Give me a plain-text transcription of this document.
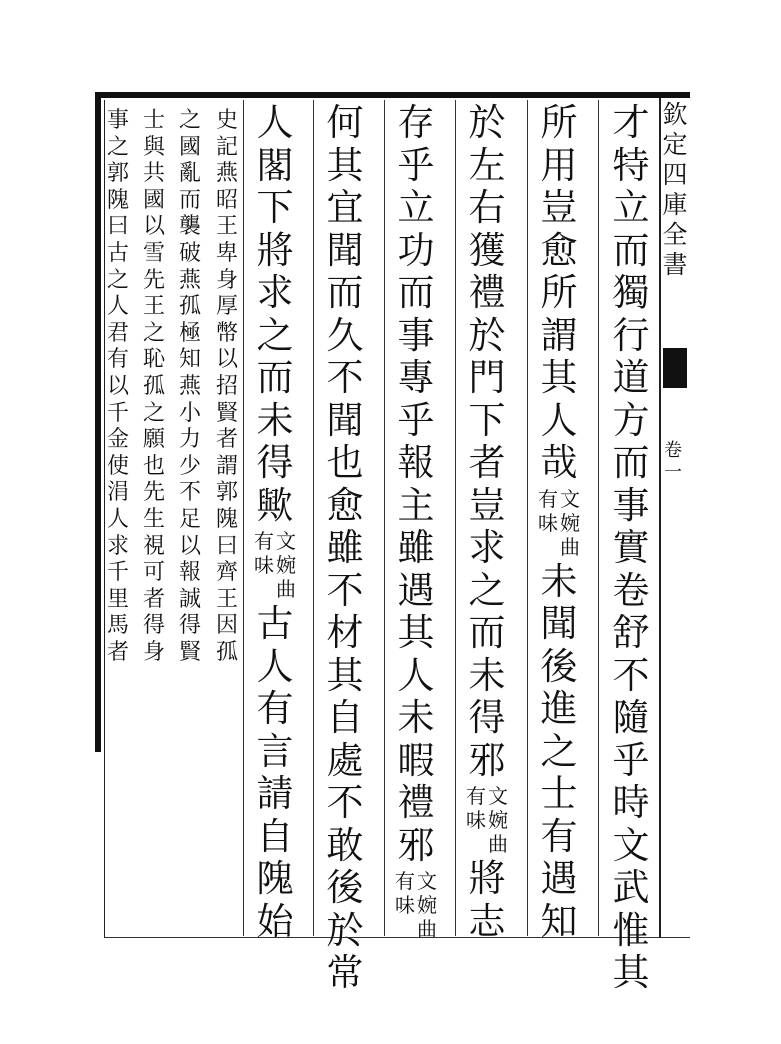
欽
定
四
庫
全
書
卷
一
才
特
立
而
獨
行
道
方
而
事
實
卷
舒
不
隨
乎
時
文
武
惟
其
所
用
豈
愈
所
謂
其
人
哉
文
婉
曲
有
味
未
聞
後
進
之
士
有
遇
知
於
左
右
獲
禮
於
門
下
者
豈
求
之
而
未
得
邪
文
婉
曲
有
味
將
志
存
乎
立
功
而
事
專
乎
報
主
雖
遇
其
人
未
暇
禮
邪
文
婉
曲
有
味
何
其
宜
聞
而
久
不
聞
也
愈
雖
不
材
其
自
處
不
敢
後
於
常
人
閣
下
將
求
之
而
未
得
歟
文
婉
曲
有
味
古
人
有
言
請
自
隗
始
史
記
燕
昭
王
卑
身
厚
幣
以
招
賢
者
謂
郭
隗
曰
齊
王
因
孤
之
國
亂
而
襲
破
燕
孤
極
知
燕
小
力
少
不
足
以
報
誠
得
賢
士
與
共
國
以
雪
先
王
之
恥
孤
之
願
也
先
生
視
可
者
得
身
事
之
郭
隗
曰
古
之
人
君
有
以
千
金
使
涓
人
求
千
里
馬
者
